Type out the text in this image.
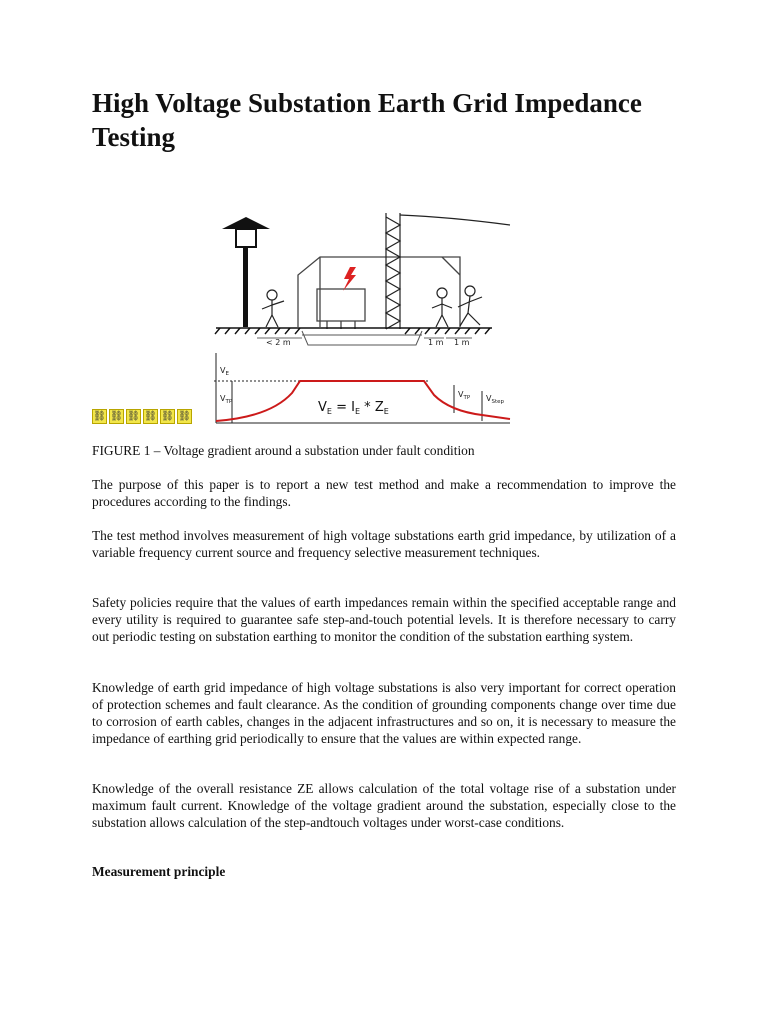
High Voltage Substation Earth Grid Impedance Testing
< 2 m	1 m 1 m
$V_E$
$V_{TP}$
$V_{TP}$ $V_{Step}$
$V_E = I_E * Z_E$
⛓ ⛓ ⛓ ⛓ ⛓ ⛓

FIGURE 1 – Voltage gradient around a substation under fault condition

The purpose of this paper is to report a new test method and make a recommendation to improve the procedures according to the findings.

The test method involves measurement of high voltage substations earth grid impedance, by utilization of a variable frequency current source and frequency selective measurement techniques.

Safety policies require that the values of earth impedances remain within the specified acceptable range and every utility is required to guarantee safe step-and-touch potential levels. It is therefore necessary to carry out periodic testing on substation earthing to monitor the condition of the substation earthing system.

Knowledge of earth grid impedance of high voltage substations is also very important for correct operation of protection schemes and fault clearance. As the condition of grounding components change over time due to corrosion of earth cables, changes in the adjacent infrastructures and so on, it is necessary to measure the impedance of earthing grid periodically to ensure that the values are within expected range.

Knowledge of the overall resistance ZE allows calculation of the total voltage rise of a substation under maximum fault current. Knowledge of the voltage gradient around the substation, especially close to the substation allows calculation of the step-andtouch voltages under worst-case conditions.

Measurement principle
